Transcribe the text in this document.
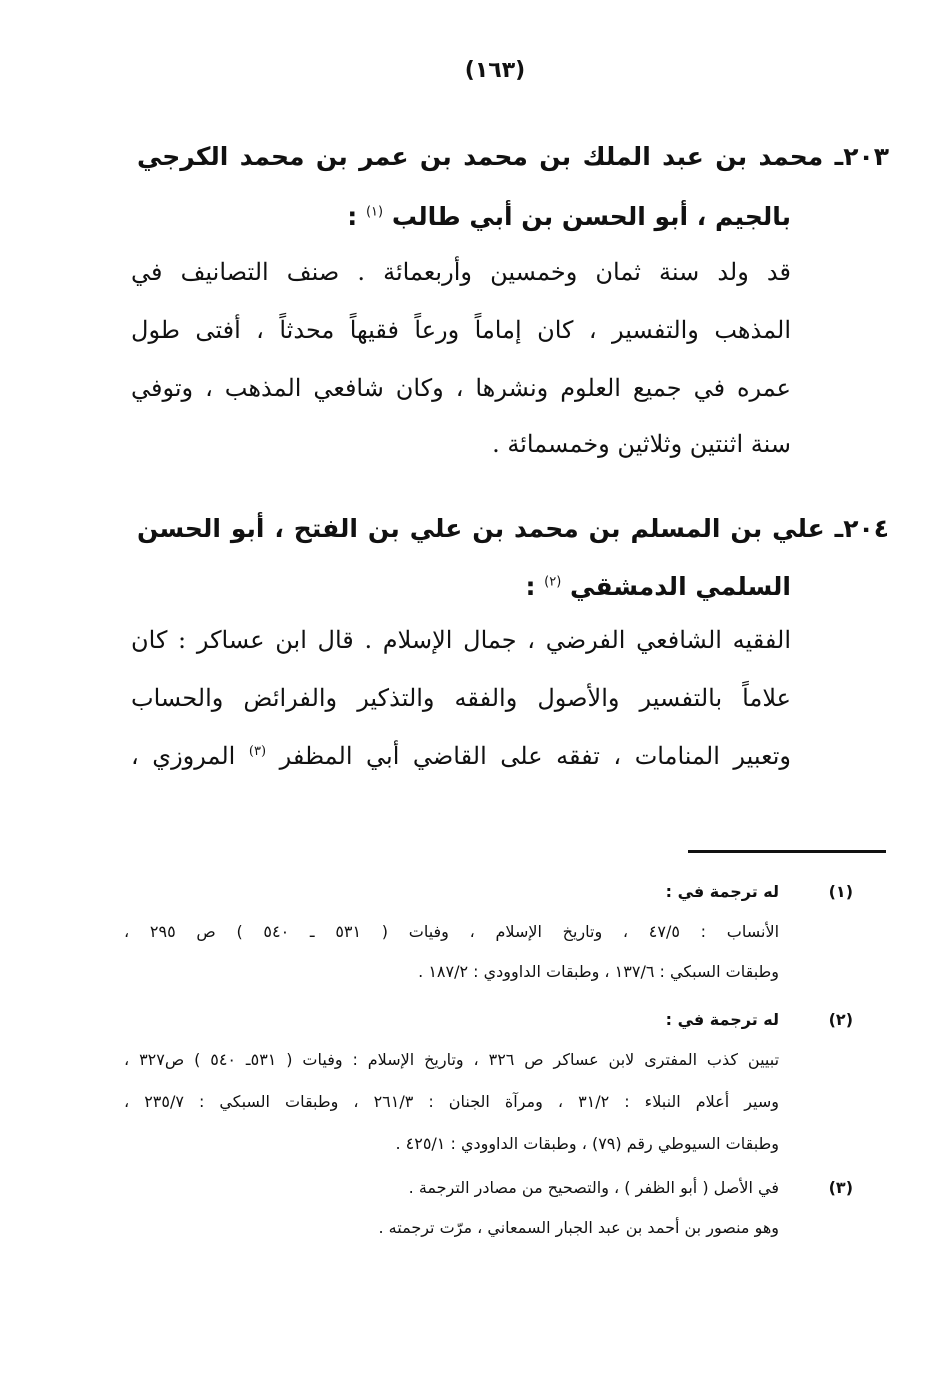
(١٦٣)
٢٠٣ـ محمد بن عبد الملك بن محمد بن عمر بن محمد الكرجي
بالجيم ، أبو الحسن بن أبي طالب $^{(١)}$ :
قد ولد سنة ثمان وخمسين وأربعمائة . صنف التصانيف في
المذهب والتفسير ، كان إماماً ورعاً فقيهاً محدثاً ، أفتى طول
عمره في جميع العلوم ونشرها ، وكان شافعي المذهب ، وتوفي
سنة اثنتين وثلاثين وخمسمائة .
٢٠٤ـ علي بن المسلم بن محمد بن علي بن الفتح ، أبو الحسن
السلمي الدمشقي $^{(٢)}$ :
الفقيه الشافعي الفرضي ، جمال الإسلام . قال ابن عساكر : كان
علاماً بالتفسير والأصول والفقه والتذكير والفرائض والحساب
وتعبير المنامات ، تفقه على القاضي أبي المظفر $^{(٣)}$ المروزي ،
(١)
له ترجمة في :
الأنساب : ٤٧/٥ ، وتاريخ الإسلام ، وفيات ( ٥٣١ ـ ٥٤٠ ) ص ٢٩٥ ،
وطبقات السبكي : ١٣٧/٦ ، وطبقات الداوودي : ١٨٧/٢ .
(٢)
له ترجمة في :
تبيين كذب المفترى لابن عساكر ص ٣٢٦ ، وتاريخ الإسلام : وفيات ( ٥٣١ـ ٥٤٠ ) ص٣٢٧ ،
وسير أعلام النبلاء : ٣١/٢ ، ومرآة الجنان : ٢٦١/٣ ، وطبقات السبكي : ٢٣٥/٧ ،
وطبقات السيوطي رقم (٧٩) ، وطبقات الداوودي : ٤٢٥/١ .
(٣)
في الأصل ( أبو الظفر ) ، والتصحيح من مصادر الترجمة .
وهو منصور بن أحمد بن عبد الجبار السمعاني ، مرّت ترجمته .
